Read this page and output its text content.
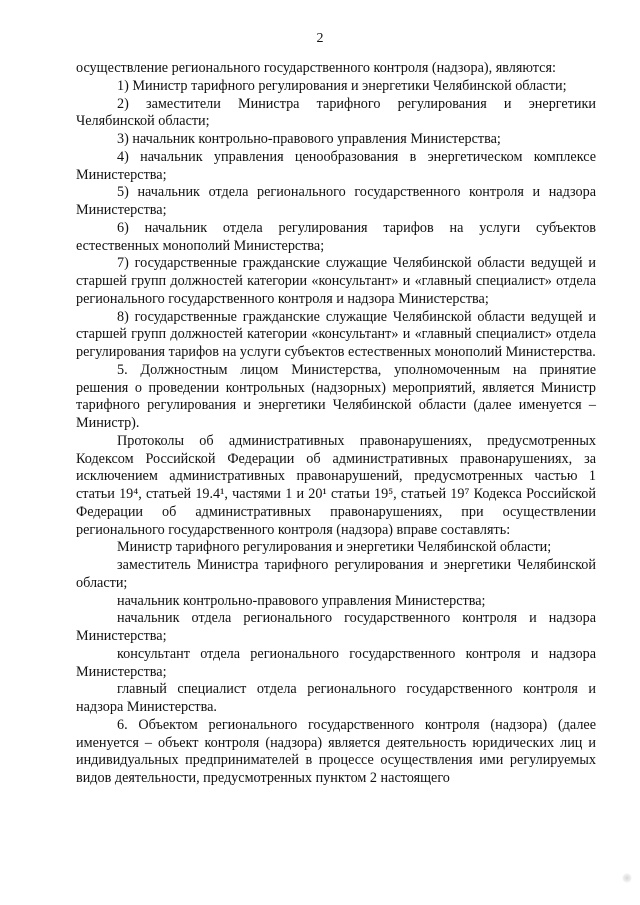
2

осуществление регионального государственного контроля (надзора), являются:

1) Министр тарифного регулирования и энергетики Челябинской области;

2) заместители Министра тарифного регулирования и энергетики Челябинской области;

3) начальник контрольно-правового управления Министерства;

4) начальник управления ценообразования в энергетическом комплексе Министерства;

5) начальник отдела регионального государственного контроля и надзора Министерства;

6) начальник отдела регулирования тарифов на услуги субъектов естественных монополий Министерства;

7) государственные гражданские служащие Челябинской области ведущей и старшей групп должностей категории «консультант» и «главный специалист» отдела регионального государственного контроля и надзора Министерства;

8) государственные гражданские служащие Челябинской области ведущей и старшей групп должностей категории «консультант» и «главный специалист» отдела регулирования тарифов на услуги субъектов естественных монополий Министерства.

5. Должностным лицом Министерства, уполномоченным на принятие решения о проведении контрольных (надзорных) мероприятий, является Министр тарифного регулирования и энергетики Челябинской области (далее именуется – Министр).

Протоколы об административных правонарушениях, предусмотренных Кодексом Российской Федерации об административных правонарушениях, за исключением административных правонарушений, предусмотренных частью 1 статьи 19⁴, статьей 19.4¹, частями 1 и 20¹ статьи 19⁵, статьей 19⁷ Кодекса Российской Федерации об административных правонарушениях, при осуществлении регионального государственного контроля (надзора) вправе составлять:

Министр тарифного регулирования и энергетики Челябинской области;

заместитель Министра тарифного регулирования и энергетики Челябинской области;

начальник контрольно-правового управления Министерства;

начальник отдела регионального государственного контроля и надзора Министерства;

консультант отдела регионального государственного контроля и надзора Министерства;

главный специалист отдела регионального государственного контроля и надзора Министерства.

6. Объектом регионального государственного контроля (надзора) (далее именуется – объект контроля (надзора) является деятельность юридических лиц и индивидуальных предпринимателей в процессе осуществления ими регулируемых видов деятельности, предусмотренных пунктом 2 настоящего
